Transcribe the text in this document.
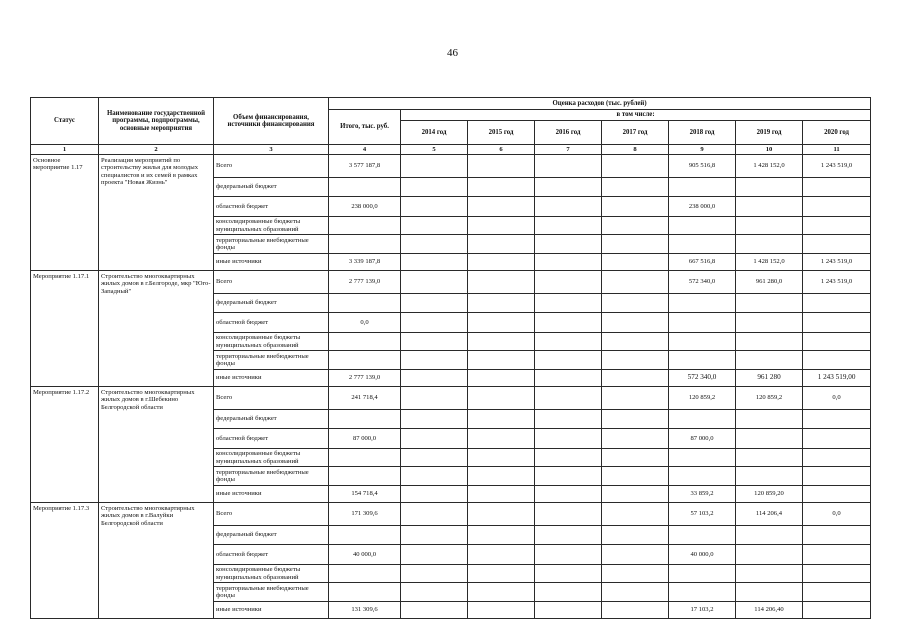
46
Статус	Наименование государственной программы, подпрограммы, основные мероприятия	Объем финансирования, источники финансирования	Оценка расходов (тыс. рублей)							
			Итого, тыс. руб.	в том числе:						
				2014 год	2015 год	2016 год	2017 год	2018 год	2019 год	2020 год
1	2	3	4	5	6	7	8	9	10	11
Основное мероприятие 1.17	Реализация мероприятий по строительству жилья для молодых специалистов и их семей в рамках проекта "Новая Жизнь"	Всего	3 577 187,8					905 516,8	1 428 152,0	1 243 519,0
		федеральный бюджет								
		областной бюджет	238 000,0					238 000,0		
		консолидированные бюджеты муниципальных образований								
		территориальные внебюджетные фонды								
		иные источники	3 339 187,8					667 516,8	1 428 152,0	1 243 519,0
Мероприятие 1.17.1	Строительство многоквартирных жилых домов в г.Белгороде, мкр "Юго-Западный"	Всего	2 777 139,0					572 340,0	961 280,0	1 243 519,0
		федеральный бюджет								
		областной бюджет	0,0							
		консолидированные бюджеты муниципальных образований								
		территориальные внебюджетные фонды								
		иные источники	2 777 139,0					572 340,0	961 280	1 243 519,00
Мероприятие 1.17.2	Строительство многоквартирных жилых домов в г.Шебекино Белгородской области	Всего	241 718,4					120 859,2	120 859,2	0,0
		федеральный бюджет								
		областной бюджет	87 000,0					87 000,0		
		консолидированные бюджеты муниципальных образований								
		территориальные внебюджетные фонды								
		иные источники	154 718,4					33 859,2	120 859,20	
Мероприятие 1.17.3	Строительство многоквартирных жилых домов в г.Валуйки Белгородской области	Всего	171 309,6					57 103,2	114 206,4	0,0
		федеральный бюджет								
		областной бюджет	40 000,0					40 000,0		
		консолидированные бюджеты муниципальных образований								
		территориальные внебюджетные фонды								
		иные источники	131 309,6					17 103,2	114 206,40	
